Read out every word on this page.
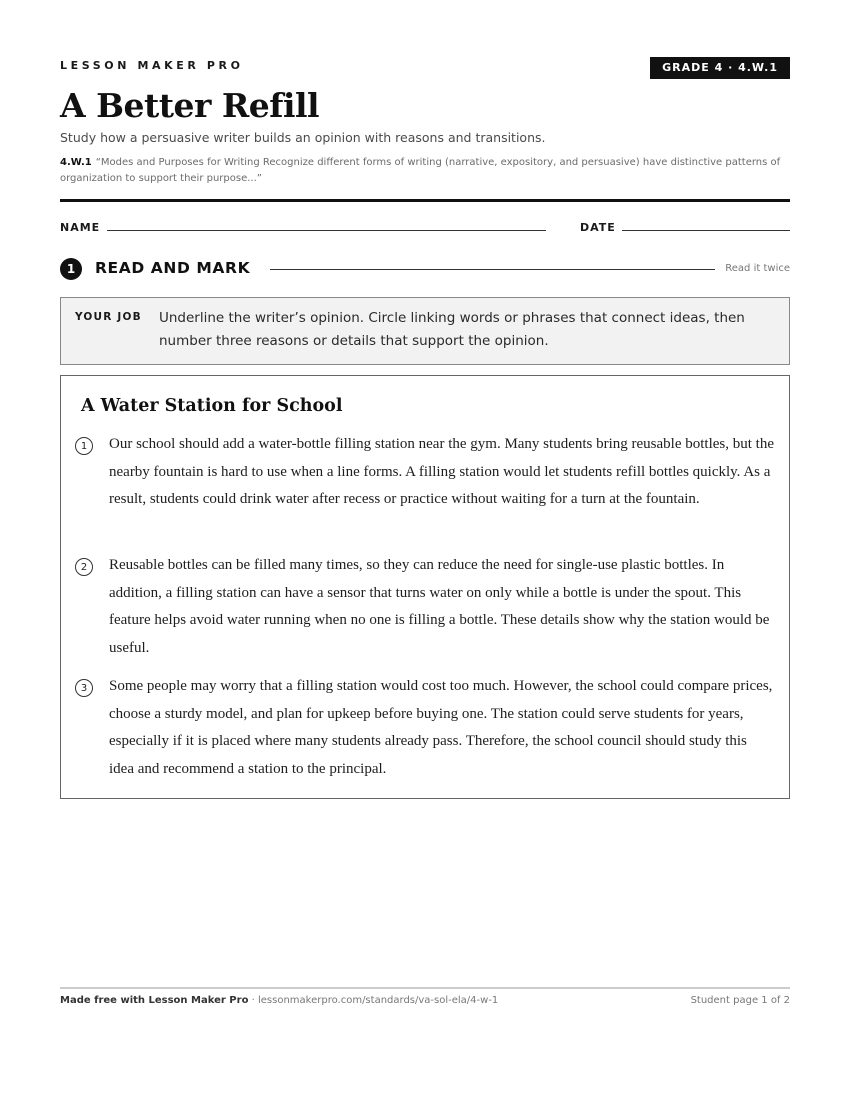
LESSON MAKER PRO	GRADE 4 · 4.W.1
A Better Refill
Study how a persuasive writer builds an opinion with reasons and transitions.
4.W.1 “Modes and Purposes for Writing Recognize different forms of writing (narrative, expository, and persuasive) have distinctive patterns of organization to support their purpose...”
NAME	DATE
1	READ AND MARK	Read it twice
YOUR JOB Underline the writer’s opinion. Circle linking words or phrases that connect ideas, then number three reasons or details that support the opinion.
A Water Station for School
1	Our school should add a water-bottle filling station near the gym. Many students bring reusable bottles, but the nearby fountain is hard to use when a line forms. A filling station would let students refill bottles quickly. As a result, students could drink water after recess or practice without waiting for a turn at the fountain.
2	Reusable bottles can be filled many times, so they can reduce the need for single-use plastic bottles. In addition, a filling station can have a sensor that turns water on only while a bottle is under the spout. This feature helps avoid water running when no one is filling a bottle. These details show why the station would be useful.
3	Some people may worry that a filling station would cost too much. However, the school could compare prices, choose a sturdy model, and plan for upkeep before buying one. The station could serve students for years, especially if it is placed where many students already pass. Therefore, the school council should study this idea and recommend a station to the principal.
Made free with Lesson Maker Pro · lessonmakerpro.com/standards/va-sol-ela/4-w-1	Student page 1 of 2
